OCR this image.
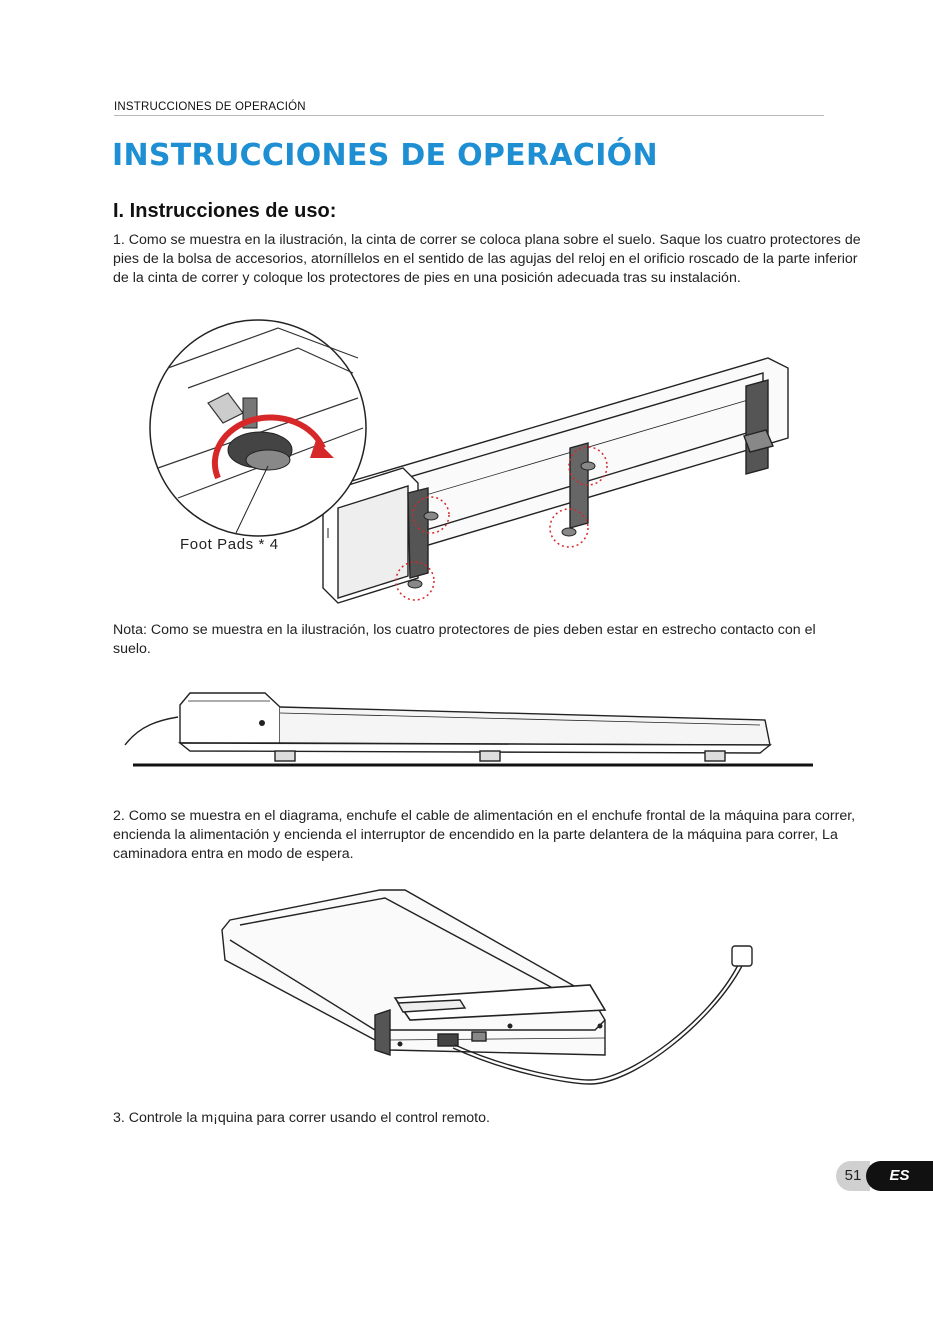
INSTRUCCIONES DE OPERACIÓN
INSTRUCCIONES DE OPERACIÓN
I. Instrucciones de uso:

1. Como se muestra en la ilustración, la cinta de correr se coloca plana sobre el suelo. Saque los cuatro protectores de pies de la bolsa de accesorios, atorníllelos en el sentido de las agujas del reloj en el orificio roscado de la parte inferior de la cinta de correr y coloque los protectores de pies en una posición adecuada tras su instalación.

Foot Pads * 4

Nota: Como se muestra en la ilustración, los cuatro protectores de pies deben estar en estrecho contacto con el suelo.

2. Como se muestra en el diagrama, enchufe el cable de alimentación en el enchufe frontal de la máquina para correr, encienda la alimentación y encienda el interruptor de encendido en la parte delantera de la máquina para correr, La caminadora entra en modo de espera.

3. Controle la m¡quina para correr usando el control remoto.

51	ES
